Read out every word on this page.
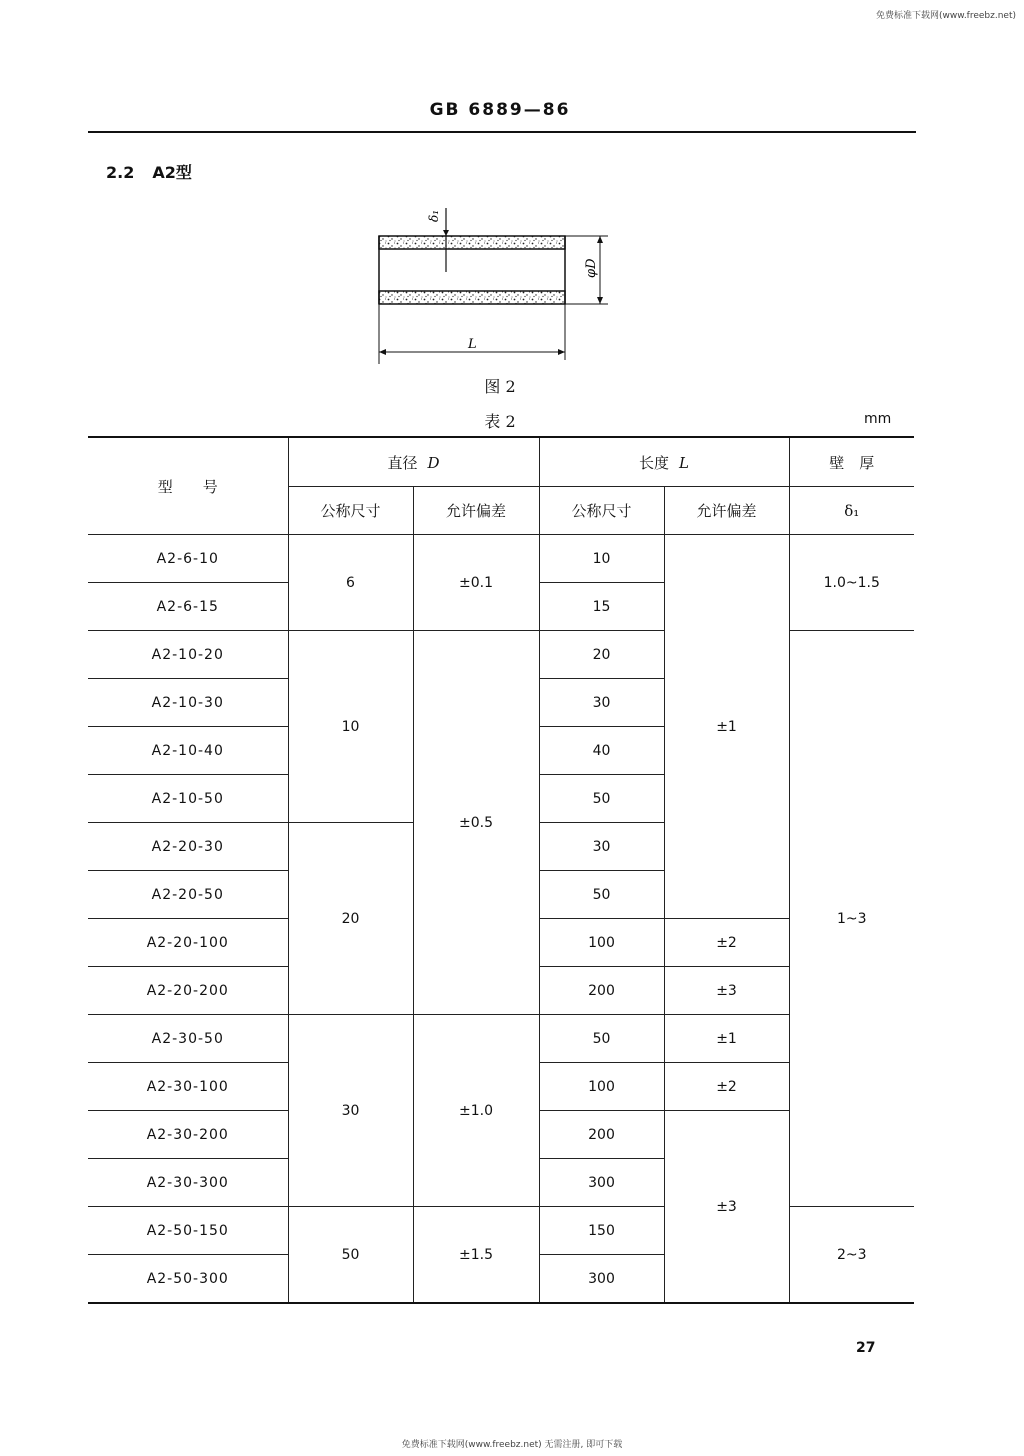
免费标准下载网(www.freebz.net)
GB 6889—86
2.2 A2型
δ₁
φD
L
图 2
表 2	mm
型　　号	直径 D		长度 L		壁　厚
	公称尺寸	允许偏差	公称尺寸	允许偏差	δ₁
A2-6-10	6	±0.1	10	±1	1.0~1.5
A2-6-15			15		
A2-10-20	10	±0.5	20		1~3
A2-10-30			30		
A2-10-40			40		
A2-10-50			50		
A2-20-30	20		30		
A2-20-50			50		
A2-20-100			100	±2	
A2-20-200			200	±3	
A2-30-50	30	±1.0	50	±1	
A2-30-100			100	±2	
A2-30-200			200	±3	
A2-30-300			300		
A2-50-150	50	±1.5	150		2~3
A2-50-300			300		
27
免费标准下载网(www.freebz.net) 无需注册, 即可下载
